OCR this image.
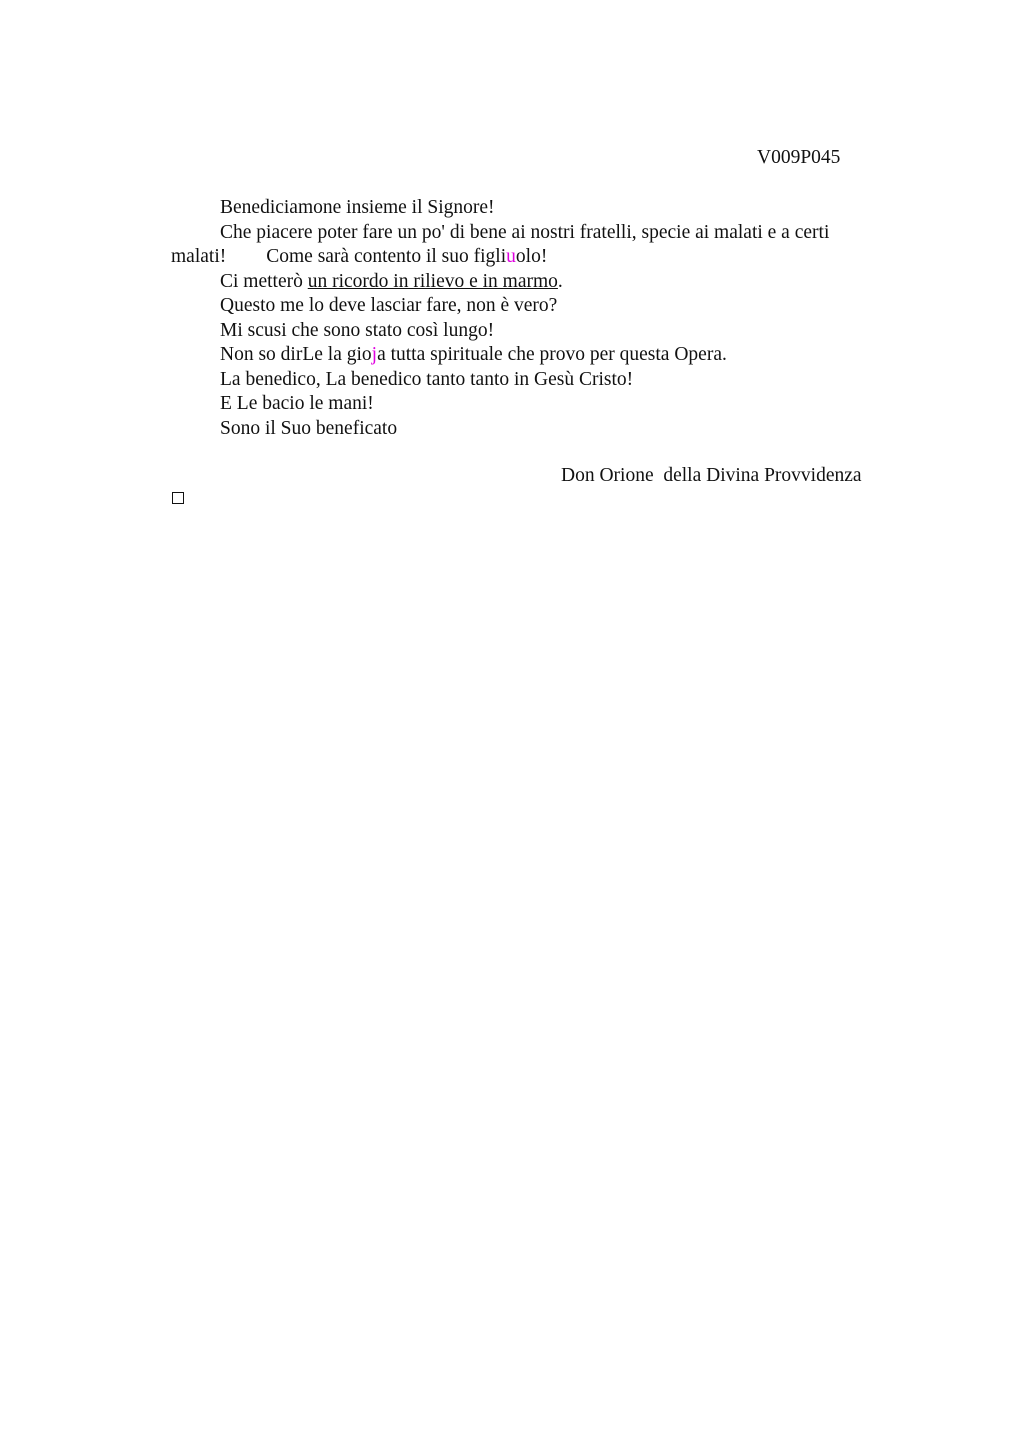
V009P045
Benediciamone insieme il Signore!
Che piacere poter fare un po' di bene ai nostri fratelli, specie ai malati e a certi
malati! Come sarà contento il suo figliuolo!
Ci metterò un ricordo in rilievo e in marmo.
Questo me lo deve lasciar fare, non è vero?
Mi scusi che sono stato così lungo!
Non so dirLe la gioja tutta spirituale che provo per questa Opera.
La benedico, La benedico tanto tanto in Gesù Cristo!
E Le bacio le mani!
Sono il Suo beneficato
Don Orione  della Divina Provvidenza
